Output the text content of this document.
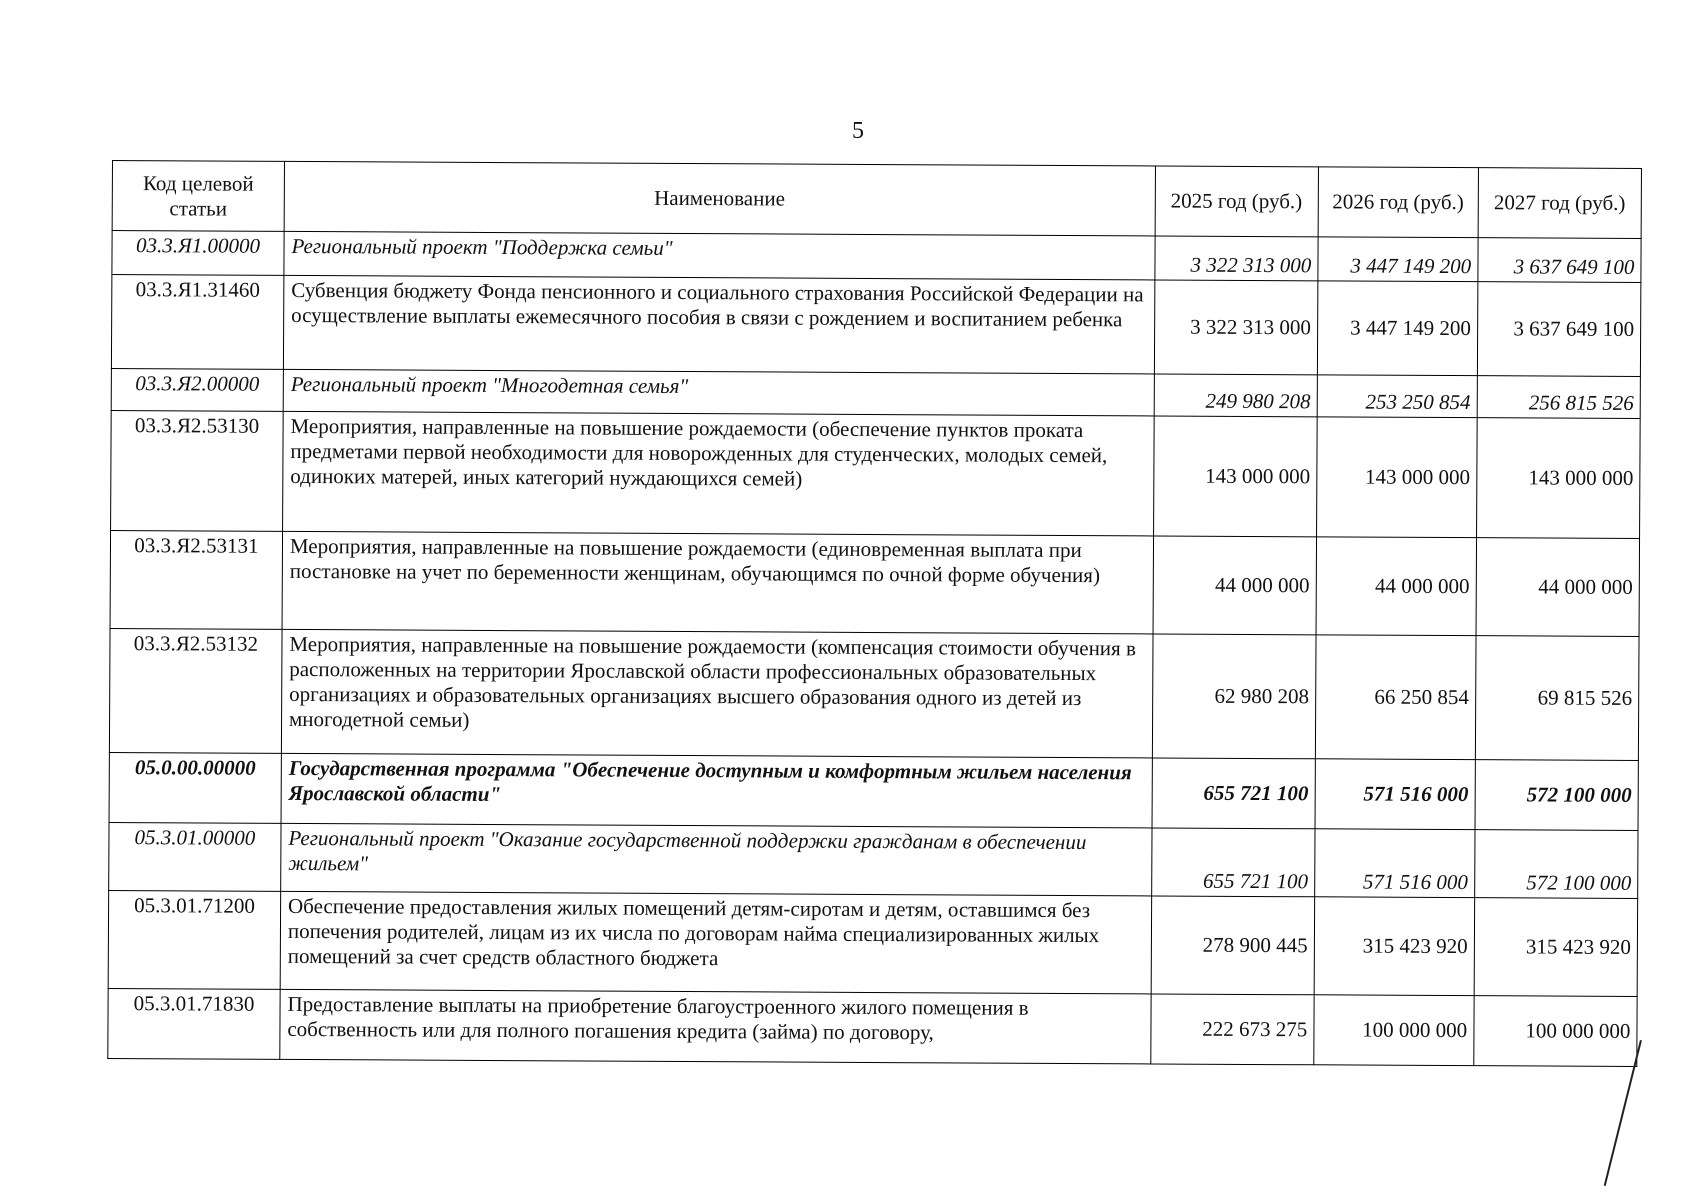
5
Код целевой статьи	Наименование	2025 год (руб.)	2026 год (руб.)	2027 год (руб.)
03.3.Я1.00000	Региональный проект "Поддержка семьи"	3 322 313 000	3 447 149 200	3 637 649 100
03.3.Я1.31460	Субвенция бюджету Фонда пенсионного и социального страхования Российской Федерации на осуществление выплаты ежемесячного пособия в связи с рождением и воспитанием ребенка	3 322 313 000	3 447 149 200	3 637 649 100
03.3.Я2.00000	Региональный проект "Многодетная семья"	249 980 208	253 250 854	256 815 526
03.3.Я2.53130	Мероприятия, направленные на повышение рождаемости (обеспечение пунктов проката предметами первой необходимости для новорожденных для студенческих, молодых семей, одиноких матерей, иных категорий нуждающихся семей)	143 000 000	143 000 000	143 000 000
03.3.Я2.53131	Мероприятия, направленные на повышение рождаемости (единовременная выплата при постановке на учет по беременности женщинам, обучающимся по очной форме обучения)	44 000 000	44 000 000	44 000 000
03.3.Я2.53132	Мероприятия, направленные на повышение рождаемости (компенсация стоимости обучения в расположенных на территории Ярославской области профессиональных образовательных организациях и образовательных организациях высшего образования одного из детей из многодетной семьи)	62 980 208	66 250 854	69 815 526
05.0.00.00000	Государственная программа "Обеспечение доступным и комфортным жильем населения Ярославской области"	655 721 100	571 516 000	572 100 000
05.3.01.00000	Региональный проект "Оказание государственной поддержки гражданам в обеспечении жильем"	655 721 100	571 516 000	572 100 000
05.3.01.71200	Обеспечение предоставления жилых помещений детям-сиротам и детям, оставшимся без попечения родителей, лицам из их числа по договорам найма специализированных жилых помещений за счет средств областного бюджета	278 900 445	315 423 920	315 423 920
05.3.01.71830	Предоставление выплаты на приобретение благоустроенного жилого помещения в собственность или для полного погашения кредита (займа) по договору,	222 673 275	100 000 000	100 000 000
